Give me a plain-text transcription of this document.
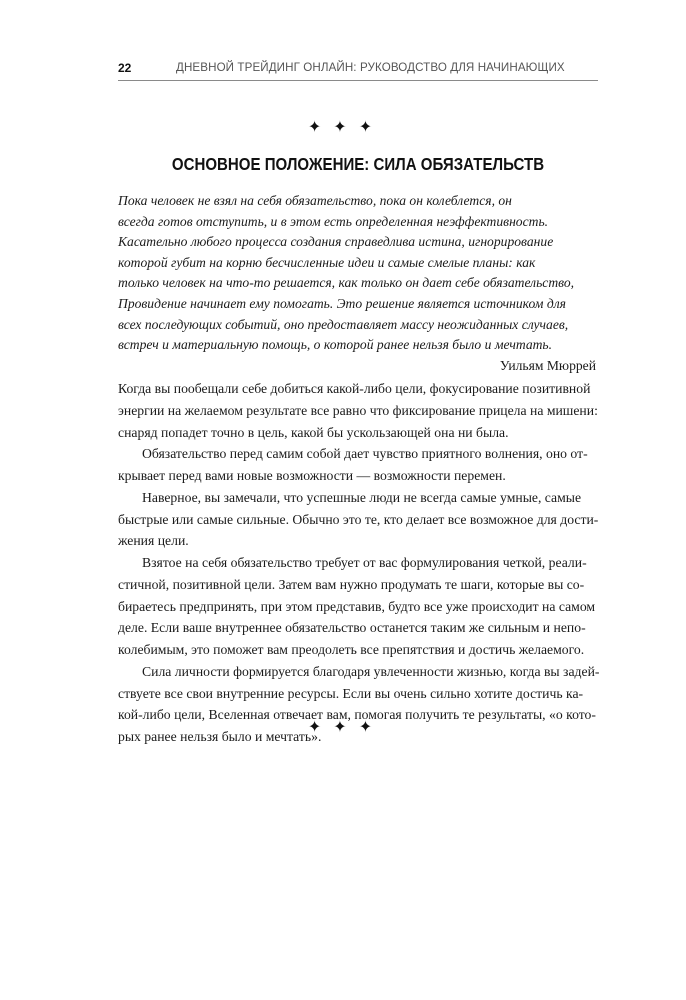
22	ДНЕВНОЙ ТРЕЙДИНГ ОНЛАЙН: РУКОВОДСТВО ДЛЯ НАЧИНАЮЩИХ
✦ ✦ ✦
ОСНОВНОЕ ПОЛОЖЕНИЕ: СИЛА ОБЯЗАТЕЛЬСТВ
Пока человек не взял на себя обязательство, пока он колеблется, он
всегда готов отступить, и в этом есть определенная неэффективность.
Касательно любого процесса создания справедлива истина, игнорирование
которой губит на корню бесчисленные идеи и самые смелые планы: как
только человек на что-то решается, как только он дает себе обязательство,
Провидение начинает ему помогать. Это решение является источником для
всех последующих событий, оно предоставляет массу неожиданных случаев,
встреч и материальную помощь, о которой ранее нельзя было и мечтать.
Уильям Мюррей
Когда вы пообещали себе добиться какой-либо цели, фокусирование позитивной
энергии на желаемом результате все равно что фиксирование прицела на мишени:
снаряд попадет точно в цель, какой бы ускользающей она ни была.
Обязательство перед самим собой дает чувство приятного волнения, оно от-
крывает перед вами новые возможности — возможности перемен.
Наверное, вы замечали, что успешные люди не всегда самые умные, самые
быстрые или самые сильные. Обычно это те, кто делает все возможное для дости-
жения цели.
Взятое на себя обязательство требует от вас формулирования четкой, реали-
стичной, позитивной цели. Затем вам нужно продумать те шаги, которые вы со-
бираетесь предпринять, при этом представив, будто все уже происходит на самом
деле. Если ваше внутреннее обязательство останется таким же сильным и непо-
колебимым, это поможет вам преодолеть все препятствия и достичь желаемого.
Сила личности формируется благодаря увлеченности жизнью, когда вы задей-
ствуете все свои внутренние ресурсы. Если вы очень сильно хотите достичь ка-
кой-либо цели, Вселенная отвечает вам, помогая получить те результаты, «о кото-
рых ранее нельзя было и мечтать».
✦ ✦ ✦
